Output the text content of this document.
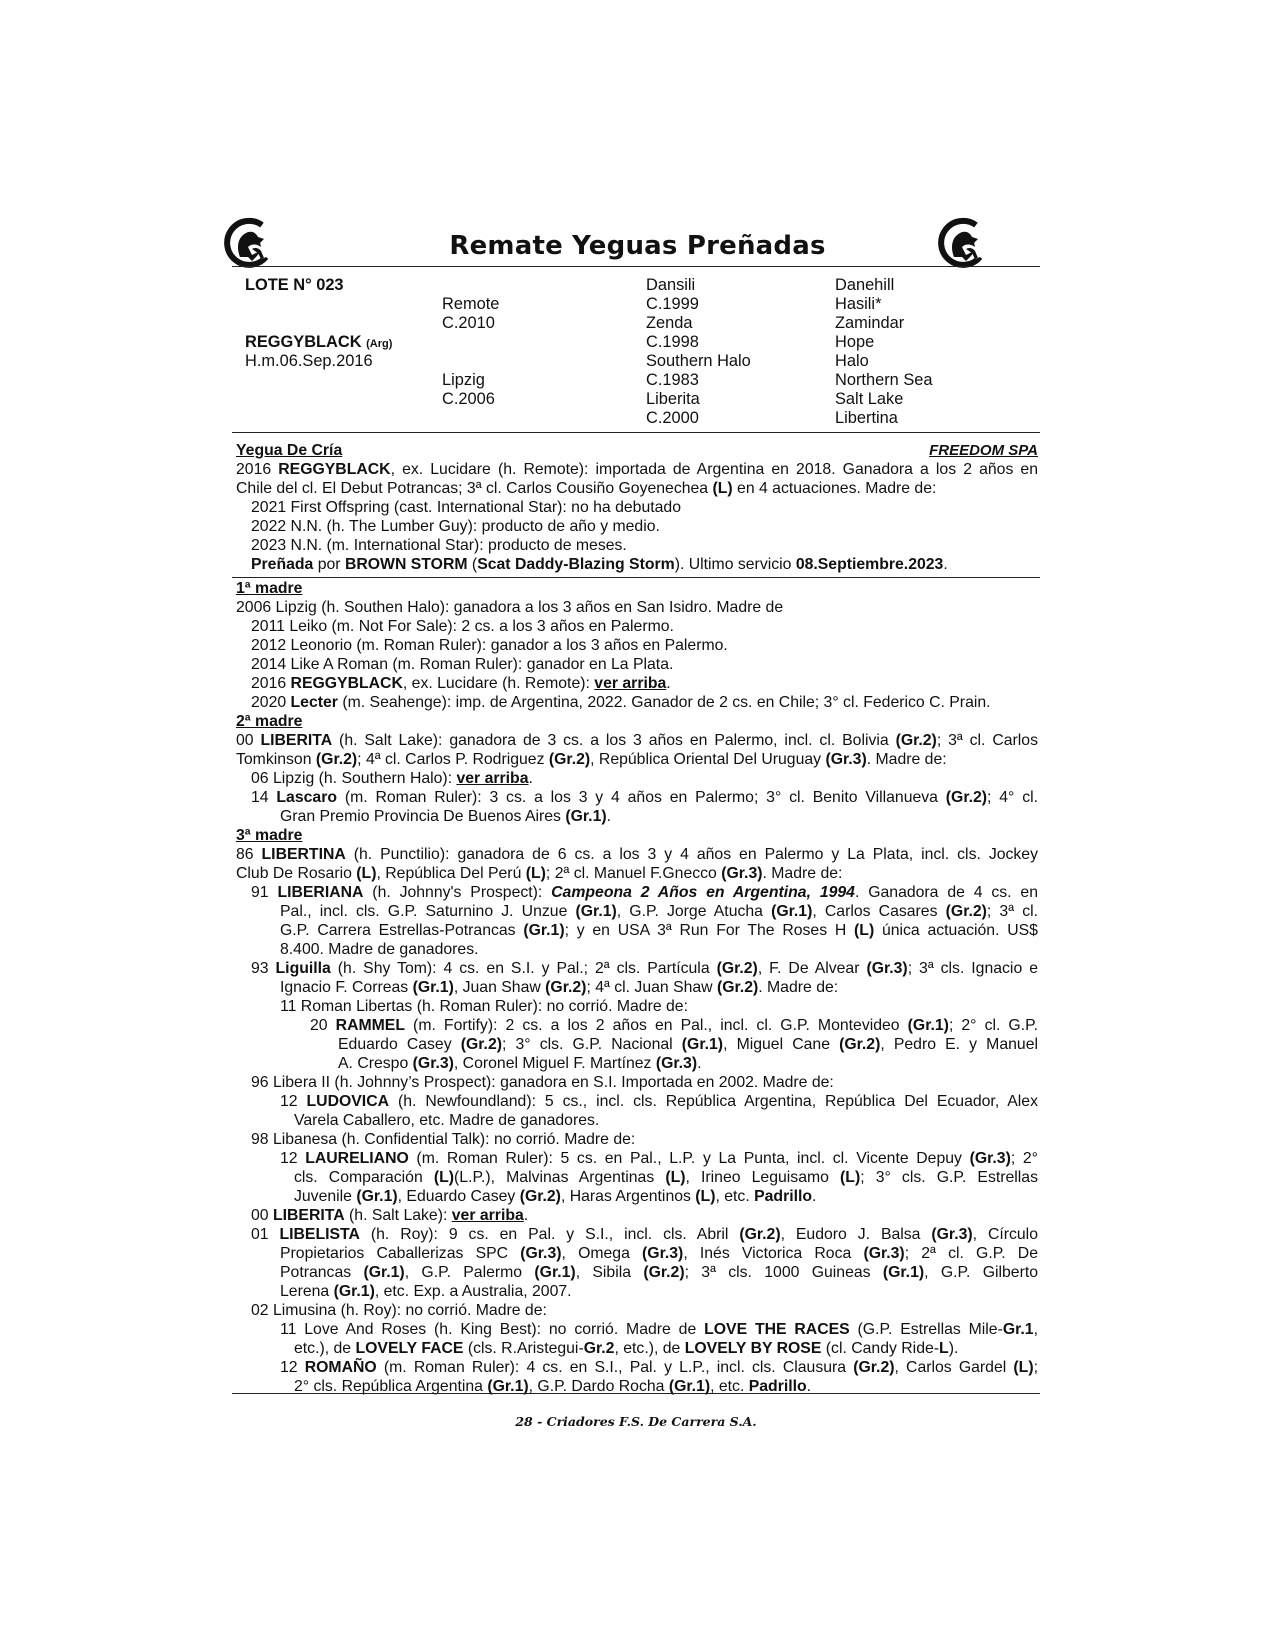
Remate Yeguas Preñadas
LOTE N° 023
REGGYBLACK (Arg)
H.m.06.Sep.2016
Remote
C.2010
Lipzig
C.2006
Dansili
C.1999
Zenda
C.1998
Southern Halo
C.1983
Liberita
C.2000
Danehill
Hasili*
Zamindar
Hope
Halo
Northern Sea
Salt Lake
Libertina
Yegua De Cría	FREEDOM SPA
2016 REGGYBLACK, ex. Lucidare (h. Remote): importada de Argentina en 2018. Ganadora a los 2 años en
Chile del cl. El Debut Potrancas; 3ª cl. Carlos Cousiño Goyenechea (L) en 4 actuaciones. Madre de:
2021 First Offspring (cast. International Star): no ha debutado
2022 N.N. (h. The Lumber Guy): producto de año y medio.
2023 N.N. (m. International Star): producto de meses.
Preñada por BROWN STORM (Scat Daddy-Blazing Storm). Ultimo servicio 08.Septiembre.2023.
1ª madre
2006 Lipzig (h. Southen Halo): ganadora a los 3 años en San Isidro. Madre de
2011 Leiko (m. Not For Sale): 2 cs. a los 3 años en Palermo.
2012 Leonorio (m. Roman Ruler): ganador a los 3 años en Palermo.
2014 Like A Roman (m. Roman Ruler): ganador en La Plata.
2016 REGGYBLACK, ex. Lucidare (h. Remote): ver arriba.
2020 Lecter (m. Seahenge): imp. de Argentina, 2022. Ganador de 2 cs. en Chile; 3° cl. Federico C. Prain.
2ª madre
00 LIBERITA (h. Salt Lake): ganadora de 3 cs. a los 3 años en Palermo, incl. cl. Bolivia (Gr.2); 3ª cl. Carlos
Tomkinson (Gr.2); 4ª cl. Carlos P. Rodriguez (Gr.2), República Oriental Del Uruguay (Gr.3). Madre de:
06 Lipzig (h. Southern Halo): ver arriba.
14 Lascaro (m. Roman Ruler): 3 cs. a los 3 y 4 años en Palermo; 3° cl. Benito Villanueva (Gr.2); 4° cl.
Gran Premio Provincia De Buenos Aires (Gr.1).
3ª madre
86 LIBERTINA (h. Punctilio): ganadora de 6 cs. a los 3 y 4 años en Palermo y La Plata, incl. cls. Jockey
Club De Rosario (L), República Del Perú (L); 2ª cl. Manuel F.Gnecco (Gr.3). Madre de:
91 LIBERIANA (h. Johnny's Prospect): Campeona 2 Años en Argentina, 1994. Ganadora de 4 cs. en
Pal., incl. cls. G.P. Saturnino J. Unzue (Gr.1), G.P. Jorge Atucha (Gr.1), Carlos Casares (Gr.2); 3ª cl.
G.P. Carrera Estrellas-Potrancas (Gr.1); y en USA 3ª Run For The Roses H (L) única actuación. US$
8.400. Madre de ganadores.
93 Liguilla (h. Shy Tom): 4 cs. en S.I. y Pal.; 2ª cls. Partícula (Gr.2), F. De Alvear (Gr.3); 3ª cls. Ignacio e
Ignacio F. Correas (Gr.1), Juan Shaw (Gr.2); 4ª cl. Juan Shaw (Gr.2). Madre de:
11 Roman Libertas (h. Roman Ruler): no corrió. Madre de:
20 RAMMEL (m. Fortify): 2 cs. a los 2 años en Pal., incl. cl. G.P. Montevideo (Gr.1); 2° cl. G.P.
Eduardo Casey (Gr.2); 3° cls. G.P. Nacional (Gr.1), Miguel Cane (Gr.2), Pedro E. y Manuel
A. Crespo (Gr.3), Coronel Miguel F. Martínez (Gr.3).
96 Libera II (h. Johnny’s Prospect): ganadora en S.I. Importada en 2002. Madre de:
12 LUDOVICA (h. Newfoundland): 5 cs., incl. cls. República Argentina, República Del Ecuador, Alex
Varela Caballero, etc. Madre de ganadores.
98 Libanesa (h. Confidential Talk): no corrió. Madre de:
12 LAURELIANO (m. Roman Ruler): 5 cs. en Pal., L.P. y La Punta, incl. cl. Vicente Depuy (Gr.3); 2°
cls. Comparación (L)(L.P.), Malvinas Argentinas (L), Irineo Leguisamo (L); 3° cls. G.P. Estrellas
Juvenile (Gr.1), Eduardo Casey (Gr.2), Haras Argentinos (L), etc. Padrillo.
00 LIBERITA (h. Salt Lake): ver arriba.
01 LIBELISTA (h. Roy): 9 cs. en Pal. y S.I., incl. cls. Abril (Gr.2), Eudoro J. Balsa (Gr.3), Círculo
Propietarios Caballerizas SPC (Gr.3), Omega (Gr.3), Inés Victorica Roca (Gr.3); 2ª cl. G.P. De
Potrancas (Gr.1), G.P. Palermo (Gr.1), Sibila (Gr.2); 3ª cls. 1000 Guineas (Gr.1), G.P. Gilberto
Lerena (Gr.1), etc. Exp. a Australia, 2007.
02 Limusina (h. Roy): no corrió. Madre de:
11 Love And Roses (h. King Best): no corrió. Madre de LOVE THE RACES (G.P. Estrellas Mile-Gr.1,
etc.), de LOVELY FACE (cls. R.Aristegui-Gr.2, etc.), de LOVELY BY ROSE (cl. Candy Ride-L).
12 ROMAÑO (m. Roman Ruler): 4 cs. en S.I., Pal. y L.P., incl. cls. Clausura (Gr.2), Carlos Gardel (L);
2° cls. República Argentina (Gr.1), G.P. Dardo Rocha (Gr.1), etc. Padrillo.
28 - Criadores F.S. De Carrera S.A.
